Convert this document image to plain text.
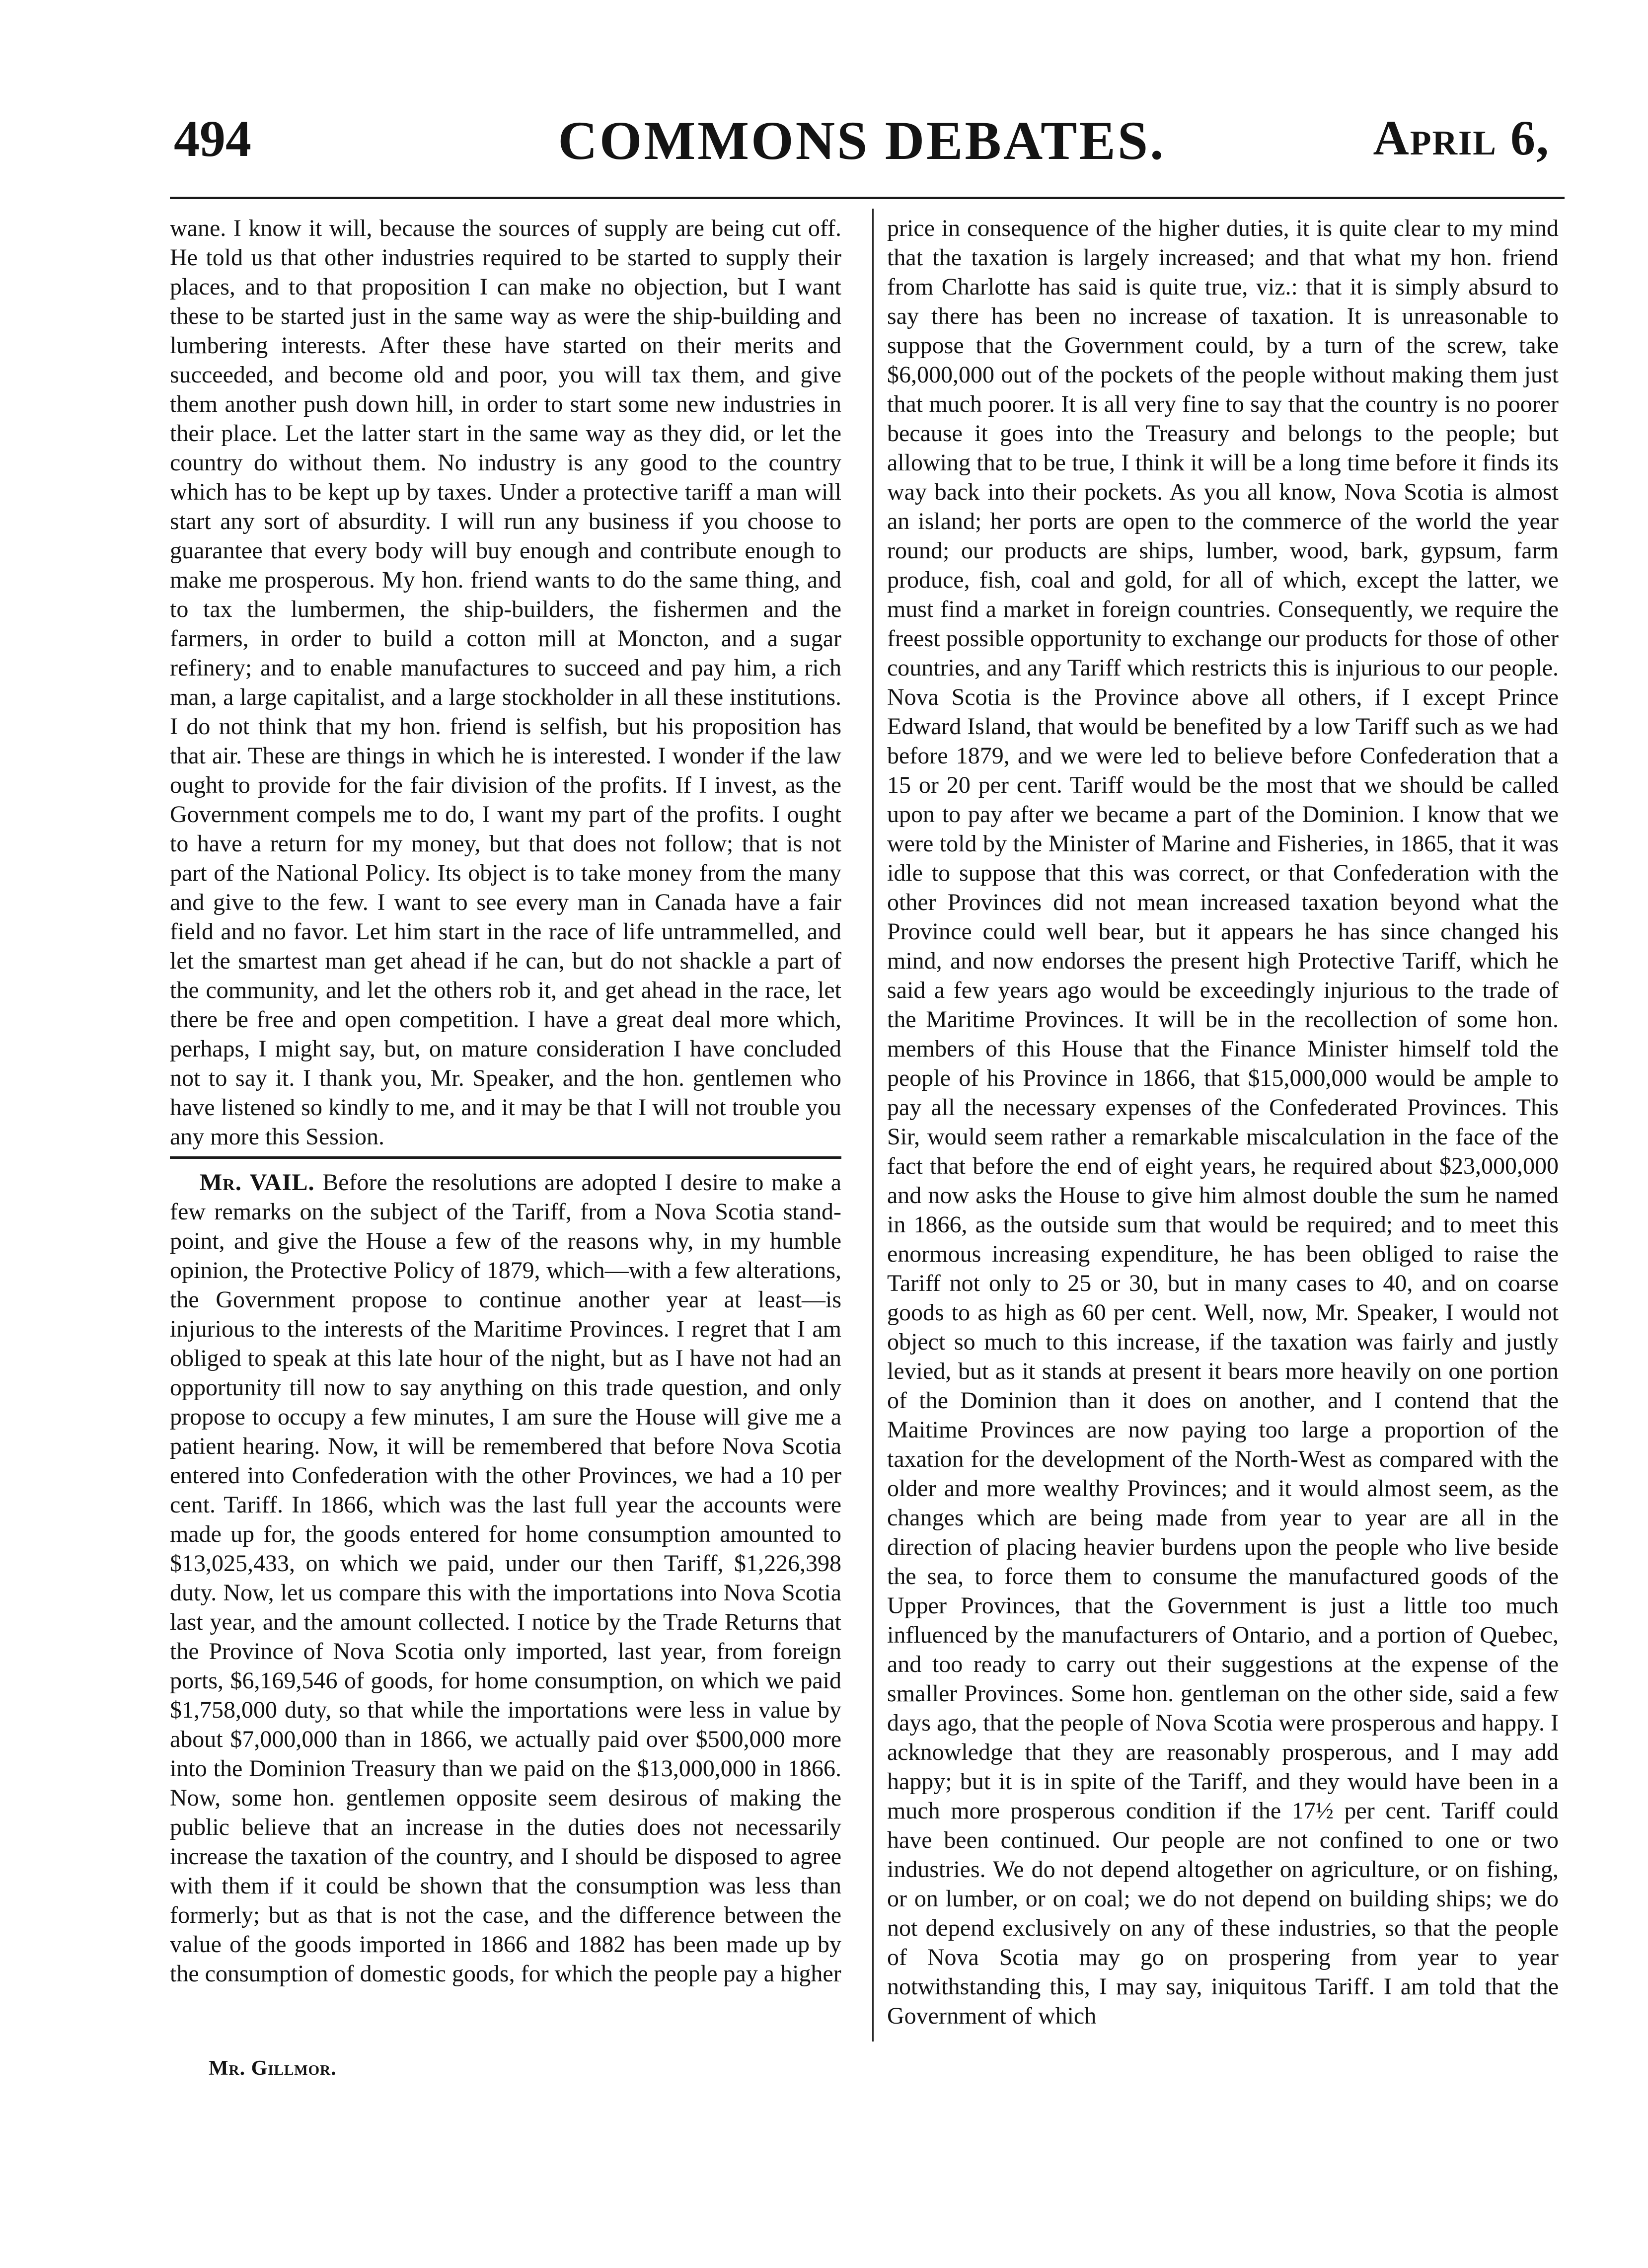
494	COMMONS DEBATES.	April 6,

wane. I know it will, because the sources of supply are being cut off. He told us that other industries required to be started to supply their places, and to that proposition I can make no objection, but I want these to be started just in the same way as were the ship-building and lumbering interests. After these have started on their merits and succeeded, and become old and poor, you will tax them, and give them another push down hill, in order to start some new industries in their place. Let the latter start in the same way as they did, or let the country do without them. No industry is any good to the country which has to be kept up by taxes. Under a protective tariff a man will start any sort of absurdity. I will run any business if you choose to guarantee that every body will buy enough and contribute enough to make me prosperous. My hon. friend wants to do the same thing, and to tax the lumbermen, the ship-builders, the fishermen and the farmers, in order to build a cotton mill at Moncton, and a sugar refinery; and to enable manufactures to succeed and pay him, a rich man, a large capitalist, and a large stockholder in all these institutions. I do not think that my hon. friend is selfish, but his proposition has that air. These are things in which he is interested. I wonder if the law ought to provide for the fair division of the profits. If I invest, as the Government compels me to do, I want my part of the profits. I ought to have a return for my money, but that does not follow; that is not part of the National Policy. Its object is to take money from the many and give to the few. I want to see every man in Canada have a fair field and no favor. Let him start in the race of life untrammelled, and let the smartest man get ahead if he can, but do not shackle a part of the community, and let the others rob it, and get ahead in the race, let there be free and open competition. I have a great deal more which, perhaps, I might say, but, on mature consideration I have concluded not to say it. I thank you, Mr. Speaker, and the hon. gentlemen who have listened so kindly to me, and it may be that I will not trouble you any more this Session.

Mr. VAIL. Before the resolutions are adopted I desire to make a few remarks on the subject of the Tariff, from a Nova Scotia stand-point, and give the House a few of the reasons why, in my humble opinion, the Protective Policy of 1879, which—with a few alterations, the Government propose to continue another year at least—is injurious to the interests of the Maritime Provinces. I regret that I am obliged to speak at this late hour of the night, but as I have not had an opportunity till now to say anything on this trade question, and only propose to occupy a few minutes, I am sure the House will give me a patient hearing. Now, it will be remembered that before Nova Scotia entered into Confederation with the other Provinces, we had a 10 per cent. Tariff. In 1866, which was the last full year the accounts were made up for, the goods entered for home consumption amounted to $13,025,433, on which we paid, under our then Tariff, $1,226,398 duty. Now, let us compare this with the importations into Nova Scotia last year, and the amount collected. I notice by the Trade Returns that the Province of Nova Scotia only imported, last year, from foreign ports, $6,169,546 of goods, for home consumption, on which we paid $1,758,000 duty, so that while the importations were less in value by about $7,000,000 than in 1866, we actually paid over $500,000 more into the Dominion Treasury than we paid on the $13,000,000 in 1866. Now, some hon. gentlemen opposite seem desirous of making the public believe that an increase in the duties does not necessarily increase the taxation of the country, and I should be disposed to agree with them if it could be shown that the consumption was less than formerly; but as that is not the case, and the difference between the value of the goods imported in 1866 and 1882 has been made up by the consumption of domestic goods, for which the people pay a higher

price in consequence of the higher duties, it is quite clear to my mind that the taxation is largely increased; and that what my hon. friend from Charlotte has said is quite true, viz.: that it is simply absurd to say there has been no increase of taxation. It is unreasonable to suppose that the Government could, by a turn of the screw, take $6,000,000 out of the pockets of the people without making them just that much poorer. It is all very fine to say that the country is no poorer because it goes into the Treasury and belongs to the people; but allowing that to be true, I think it will be a long time before it finds its way back into their pockets. As you all know, Nova Scotia is almost an island; her ports are open to the commerce of the world the year round; our products are ships, lumber, wood, bark, gypsum, farm produce, fish, coal and gold, for all of which, except the latter, we must find a market in foreign countries. Consequently, we require the freest possible opportunity to exchange our products for those of other countries, and any Tariff which restricts this is injurious to our people. Nova Scotia is the Province above all others, if I except Prince Edward Island, that would be benefited by a low Tariff such as we had before 1879, and we were led to believe before Confederation that a 15 or 20 per cent. Tariff would be the most that we should be called upon to pay after we became a part of the Dominion. I know that we were told by the Minister of Marine and Fisheries, in 1865, that it was idle to suppose that this was correct, or that Confederation with the other Provinces did not mean increased taxation beyond what the Province could well bear, but it appears he has since changed his mind, and now endorses the present high Protective Tariff, which he said a few years ago would be exceedingly injurious to the trade of the Maritime Provinces. It will be in the recollection of some hon. members of this House that the Finance Minister himself told the people of his Province in 1866, that $15,000,000 would be ample to pay all the necessary expenses of the Confederated Provinces. This Sir, would seem rather a remarkable miscalculation in the face of the fact that before the end of eight years, he required about $23,000,000 and now asks the House to give him almost double the sum he named in 1866, as the outside sum that would be required; and to meet this enormous increasing expenditure, he has been obliged to raise the Tariff not only to 25 or 30, but in many cases to 40, and on coarse goods to as high as 60 per cent. Well, now, Mr. Speaker, I would not object so much to this increase, if the taxation was fairly and justly levied, but as it stands at present it bears more heavily on one portion of the Dominion than it does on another, and I contend that the Maitime Provinces are now paying too large a proportion of the taxation for the development of the North-West as compared with the older and more wealthy Provinces; and it would almost seem, as the changes which are being made from year to year are all in the direction of placing heavier burdens upon the people who live beside the sea, to force them to consume the manufactured goods of the Upper Provinces, that the Government is just a little too much influenced by the manufacturers of Ontario, and a portion of Quebec, and too ready to carry out their suggestions at the expense of the smaller Provinces. Some hon. gentleman on the other side, said a few days ago, that the people of Nova Scotia were prosperous and happy. I acknowledge that they are reasonably prosperous, and I may add happy; but it is in spite of the Tariff, and they would have been in a much more prosperous condition if the 17½ per cent. Tariff could have been continued. Our people are not confined to one or two industries. We do not depend altogether on agriculture, or on fishing, or on lumber, or on coal; we do not depend on building ships; we do not depend exclusively on any of these industries, so that the people of Nova Scotia may go on prospering from year to year notwithstanding this, I may say, iniquitous Tariff. I am told that the Government of which

Mr. Gillmor.
